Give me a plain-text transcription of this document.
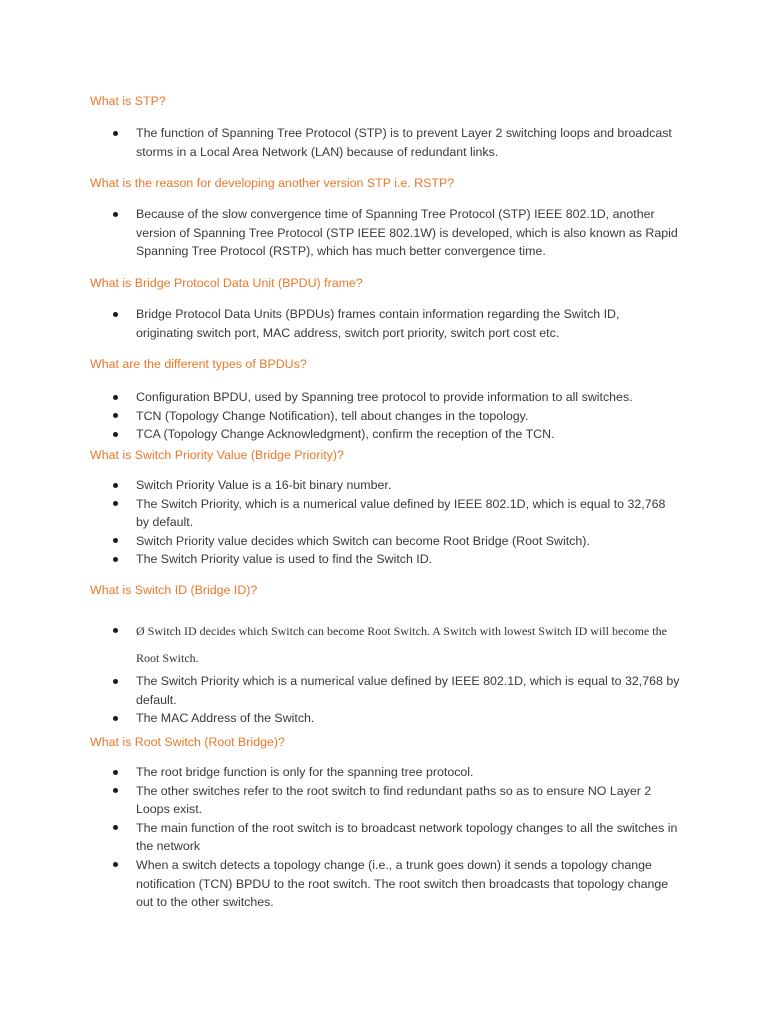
What is STP?
The function of Spanning Tree Protocol (STP) is to prevent Layer 2 switching loops and broadcast storms in a Local Area Network (LAN) because of redundant links.
What is the reason for developing another version STP i.e. RSTP?
Because of the slow convergence time of Spanning Tree Protocol (STP) IEEE 802.1D, another version of Spanning Tree Protocol (STP IEEE 802.1W) is developed, which is also known as Rapid Spanning Tree Protocol (RSTP), which has much better convergence time.
What is Bridge Protocol Data Unit (BPDU) frame?
Bridge Protocol Data Units (BPDUs) frames contain information regarding the Switch ID, originating switch port, MAC address, switch port priority, switch port cost etc.
What are the different types of BPDUs?
Configuration BPDU, used by Spanning tree protocol to provide information to all switches.
TCN (Topology Change Notification), tell about changes in the topology.
TCA (Topology Change Acknowledgment), confirm the reception of the TCN.
What is Switch Priority Value (Bridge Priority)?
Switch Priority Value is a 16-bit binary number.
The Switch Priority, which is a numerical value defined by IEEE 802.1D, which is equal to 32,768 by default.
Switch Priority value decides which Switch can become Root Bridge (Root Switch).
The Switch Priority value is used to find the Switch ID.
What is Switch ID (Bridge ID)?
Ø Switch ID decides which Switch can become Root Switch. A Switch with lowest Switch ID will become the Root Switch.
The Switch Priority which is a numerical value defined by IEEE 802.1D, which is equal to 32,768 by default.
The MAC Address of the Switch.
What is Root Switch (Root Bridge)?
The root bridge function is only for the spanning tree protocol.
The other switches refer to the root switch to find redundant paths so as to ensure NO Layer 2 Loops exist.
The main function of the root switch is to broadcast network topology changes to all the switches in the network
When a switch detects a topology change (i.e., a trunk goes down) it sends a topology change notification (TCN) BPDU to the root switch. The root switch then broadcasts that topology change out to the other switches.
